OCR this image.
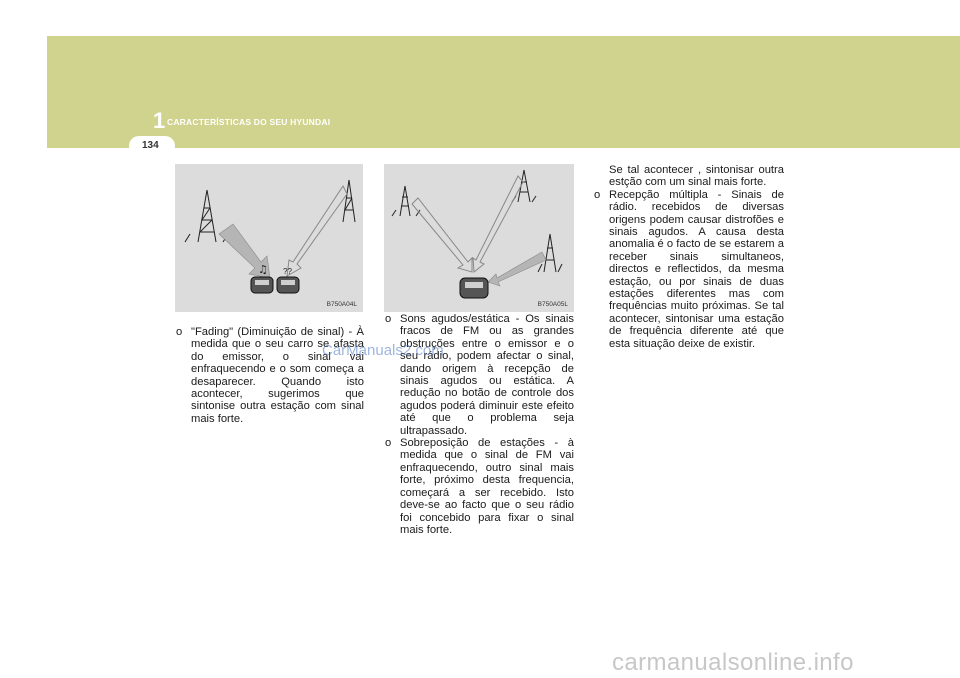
1 CARACTERÍSTICAS DO SEU HYUNDAI
134
♫ ??
B750A04L	B750A05L

o "Fading" (Diminuição de sinal) - À medida que o seu carro se afasta do emissor, o sinal vai enfraquecendo e o som começa a desaparecer. Quando isto acontecer, sugerimos que sintonise outra estação com sinal mais forte.

o Sons agudos/estática - Os sinais fracos de FM ou as grandes obstruções entre o emissor e o seu rádio, podem afectar o sinal, dando origem à recepção de sinais agudos ou estática. A redução no botão de controle dos agudos poderá diminuir este efeito até que o problema seja ultrapassado.

o Sobreposição de estações - à medida que o sinal de FM vai enfraquecendo, outro sinal mais forte, próximo desta frequencia, começará a ser recebido. Isto deve-se ao facto que o seu rádio foi concebido para fixar o sinal mais forte.

Se tal acontecer , sintonisar outra estção com um sinal mais forte.

o Recepção múltipla - Sinais de rádio. recebidos de diversas origens podem causar distrofões e sinais agudos. A causa desta anomalia é o facto de se estarem a receber sinais simultaneos, directos e reflectidos, da mesma estação, ou por sinais de duas estações diferentes mas com frequências muito próximas. Se tal acontecer, sintonisar uma estação de frequência diferente até que esta situação deixe de existir.

CarManuals2.com
carmanualsonline.info
